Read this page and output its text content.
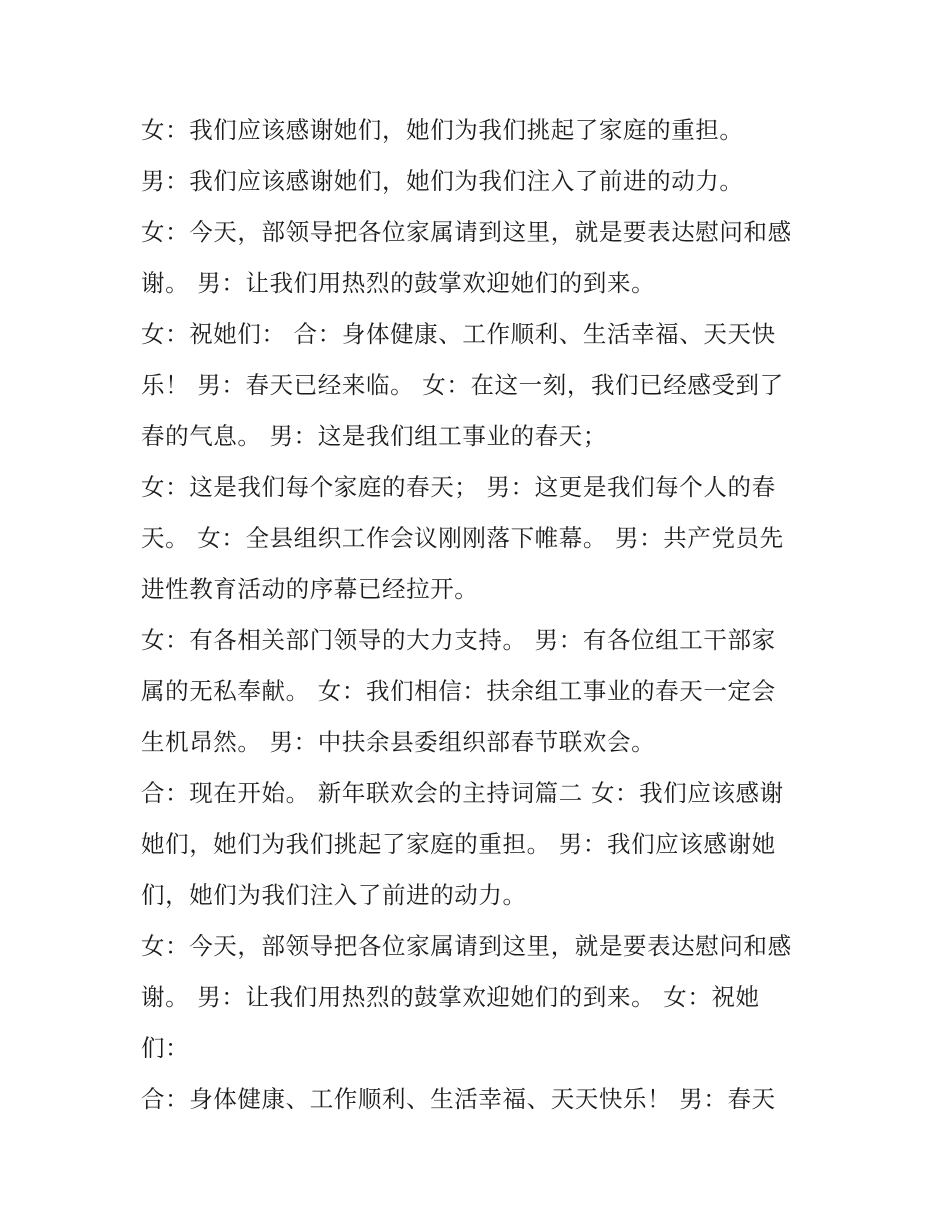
女：我们应该感谢她们，她们为我们挑起了家庭的重担。
男：我们应该感谢她们，她们为我们注入了前进的动力。
女：今天，部领导把各位家属请到这里，就是要表达慰问和感
谢。 男：让我们用热烈的鼓掌欢迎她们的到来。
女：祝她们： 合：身体健康、工作顺利、生活幸福、天天快
乐！ 男：春天已经来临。 女：在这一刻，我们已经感受到了
春的气息。 男：这是我们组工事业的春天；
女：这是我们每个家庭的春天； 男：这更是我们每个人的春
天。 女：全县组织工作会议刚刚落下帷幕。 男：共产党员先
进性教育活动的序幕已经拉开。
女：有各相关部门领导的大力支持。 男：有各位组工干部家
属的无私奉献。 女：我们相信：扶余组工事业的春天一定会
生机昂然。 男：中扶余县委组织部春节联欢会。
合：现在开始。 新年联欢会的主持词篇二 女：我们应该感谢
她们，她们为我们挑起了家庭的重担。 男：我们应该感谢她
们，她们为我们注入了前进的动力。
女：今天，部领导把各位家属请到这里，就是要表达慰问和感
谢。 男：让我们用热烈的鼓掌欢迎她们的到来。 女：祝她
们：
合：身体健康、工作顺利、生活幸福、天天快乐！ 男：春天
